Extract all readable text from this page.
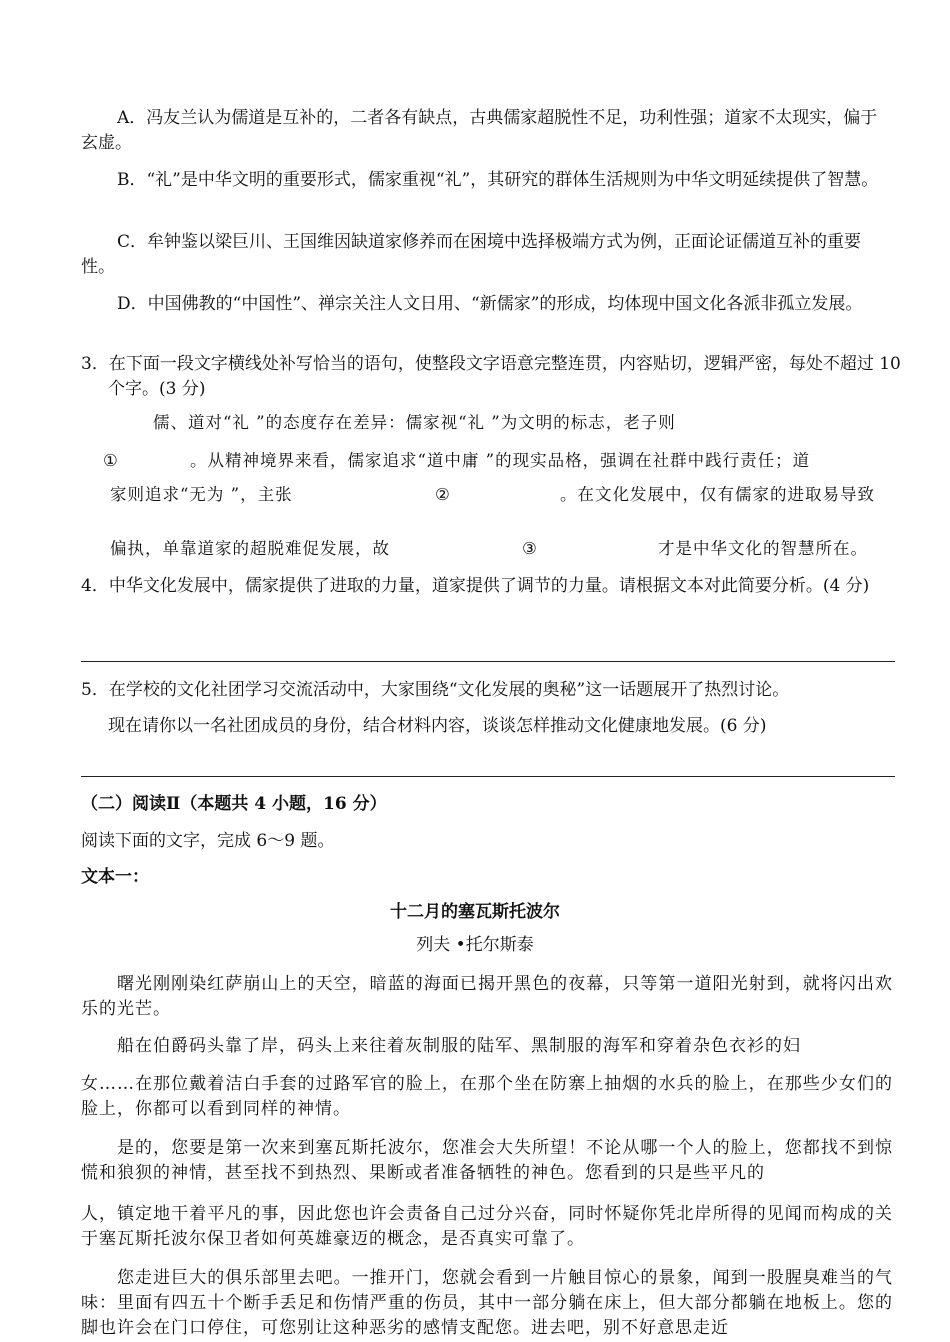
A．冯友兰认为儒道是互补的，二者各有缺点，古典儒家超脱性不足，功利性强；道家不太现实，偏于玄虚。

B．“礼”是中华文明的重要形式，儒家重视“礼”，其研究的群体生活规则为中华文明延续提供了智慧。

C．牟钟鉴以梁巨川、王国维因缺道家修养而在困境中选择极端方式为例，正面论证儒道互补的重要性。

D．中国佛教的“中国性”、禅宗关注人文日用、“新儒家”的形成，均体现中国文化各派非孤立发展。

3．在下面一段文字横线处补写恰当的语句，使整段文字语意完整连贯，内容贴切，逻辑严密，每处不超过 10 个字。(3 分)

儒、道对“礼 ”的态度存在差异：儒家视“礼 ”为文明的标志，老子则

①	。从精神境界来看，儒家追求“道中庸 ”的现实品格，强调在社群中践行责任；道
家则追求“无为 ”，主张	②	。在文化发展中，仅有儒家的进取易导致
偏执，单靠道家的超脱难促发展，故	③	才是中华文化的智慧所在。

4．中华文化发展中，儒家提供了进取的力量，道家提供了调节的力量。请根据文本对此简要分析。(4 分)

5．在学校的文化社团学习交流活动中，大家围绕“文化发展的奥秘”这一话题展开了热烈讨论。

现在请你以一名社团成员的身份，结合材料内容，谈谈怎样推动文化健康地发展。(6 分)

（二）阅读Ⅱ（本题共 4 小题，16 分）

阅读下面的文字，完成 6～9 题。

文本一：

十二月的塞瓦斯托波尔

列夫 •托尔斯泰

曙光刚刚染红萨崩山上的天空，暗蓝的海面已揭开黑色的夜幕，只等第一道阳光射到，就将闪出欢乐的光芒。

船在伯爵码头靠了岸，码头上来往着灰制服的陆军、黑制服的海军和穿着杂色衣衫的妇

女……在那位戴着洁白手套的过路军官的脸上，在那个坐在防寨上抽烟的水兵的脸上，在那些少女们的脸上，你都可以看到同样的神情。

是的，您要是第一次来到塞瓦斯托波尔，您准会大失所望！不论从哪一个人的脸上，您都找不到惊慌和狼狈的神情，甚至找不到热烈、果断或者准备牺牲的神色。您看到的只是些平凡的

人，镇定地干着平凡的事，因此您也许会责备自己过分兴奋，同时怀疑你凭北岸所得的见闻而构成的关于塞瓦斯托波尔保卫者如何英雄豪迈的概念，是否真实可靠了。

您走进巨大的俱乐部里去吧。一推开门，您就会看到一片触目惊心的景象，闻到一股腥臭难当的气味：里面有四五十个断手丢足和伤情严重的伤员，其中一部分躺在床上，但大部分都躺在地板上。您的脚也许会在门口停住，可您别让这种恶劣的感情支配您。进去吧，别不好意思走近
